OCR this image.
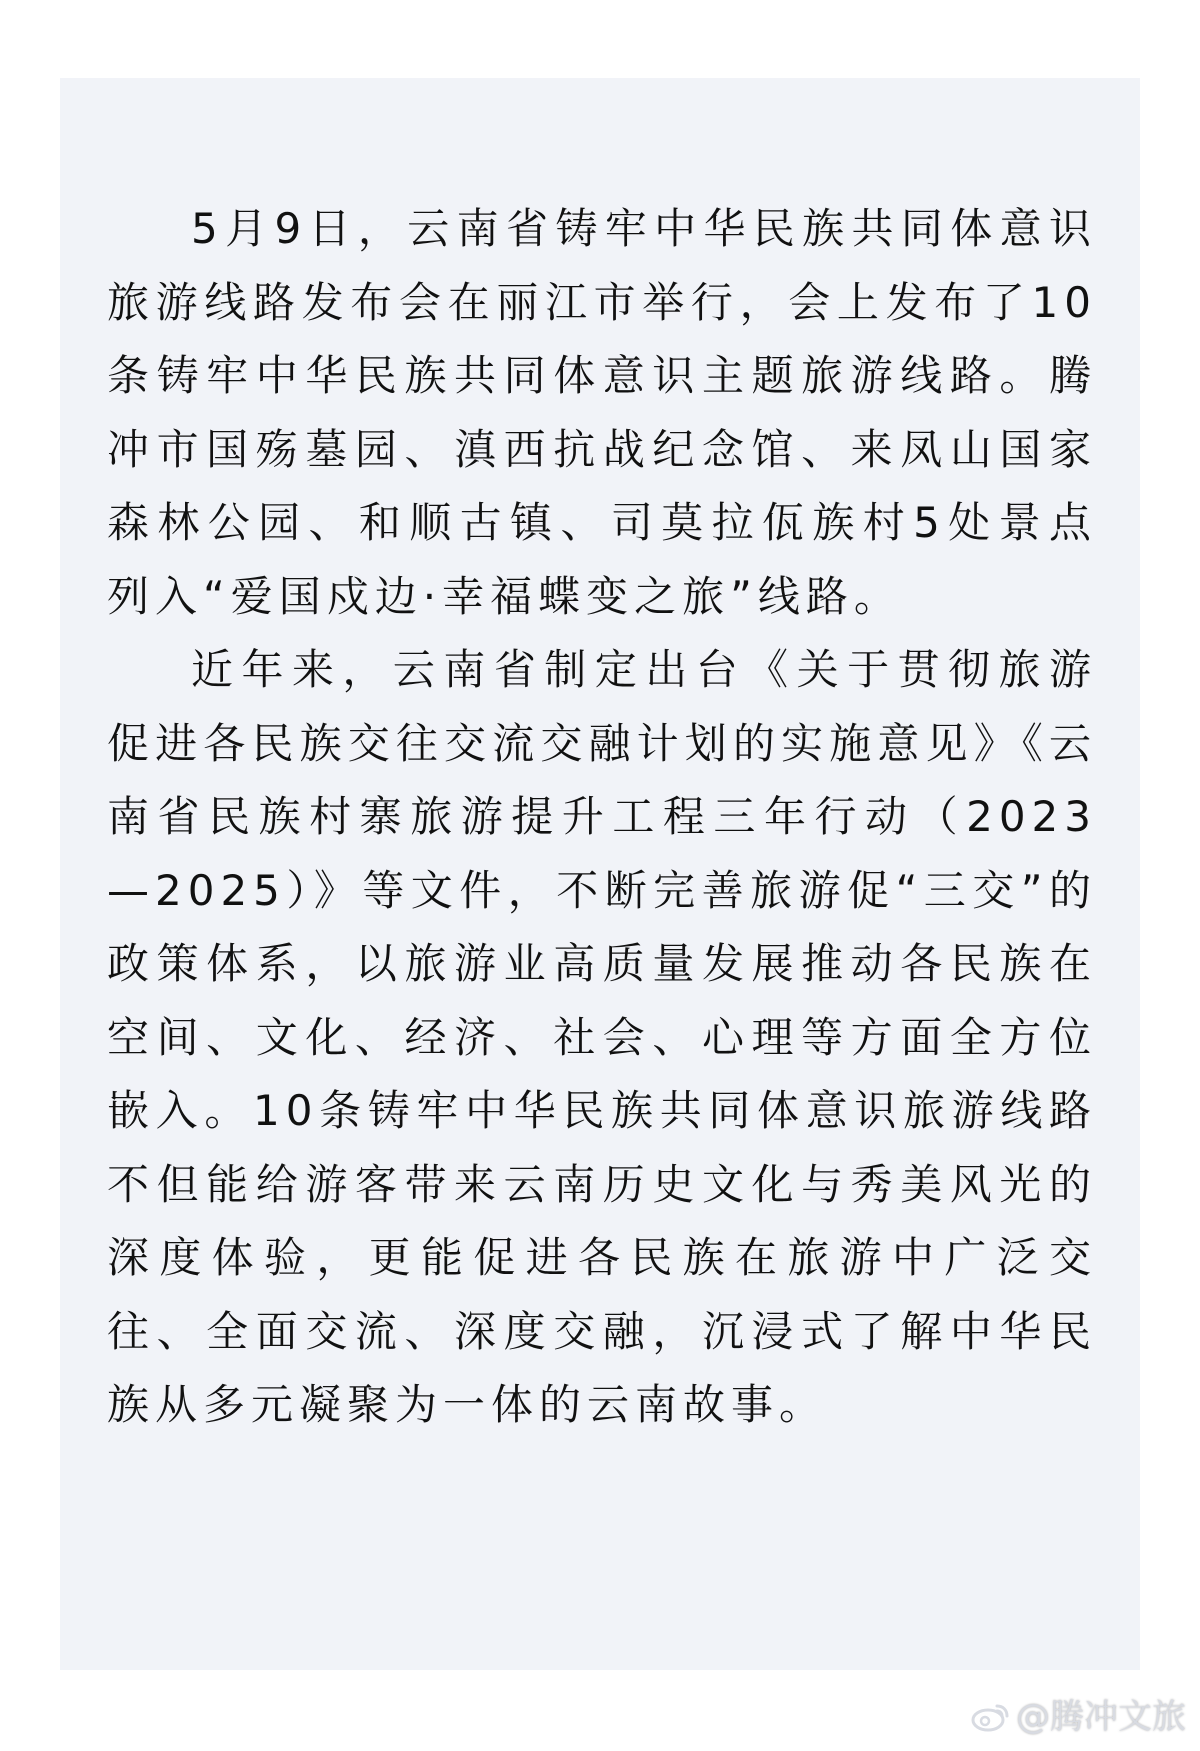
5月9日，云南省铸牢中华民族共同体意识旅游线路发布会在丽江市举行，会上发布了10条铸牢中华民族共同体意识主题旅游线路。腾冲市国殇墓园、滇西抗战纪念馆、来凤山国家森林公园、和顺古镇、司莫拉佤族村5处景点列入“爱国戍边·幸福蝶变之旅”线路。

近年来，云南省制定出台《关于贯彻旅游促进各民族交往交流交融计划的实施意见》《云南省民族村寨旅游提升工程三年行动（2023—2025）》等文件，不断完善旅游促“三交”的政策体系，以旅游业高质量发展推动各民族在空间、文化、经济、社会、心理等方面全方位嵌入。10条铸牢中华民族共同体意识旅游线路不但能给游客带来云南历史文化与秀美风光的深度体验，更能促进各民族在旅游中广泛交往、全面交流、深度交融，沉浸式了解中华民族从多元凝聚为一体的云南故事。

@腾冲文旅
